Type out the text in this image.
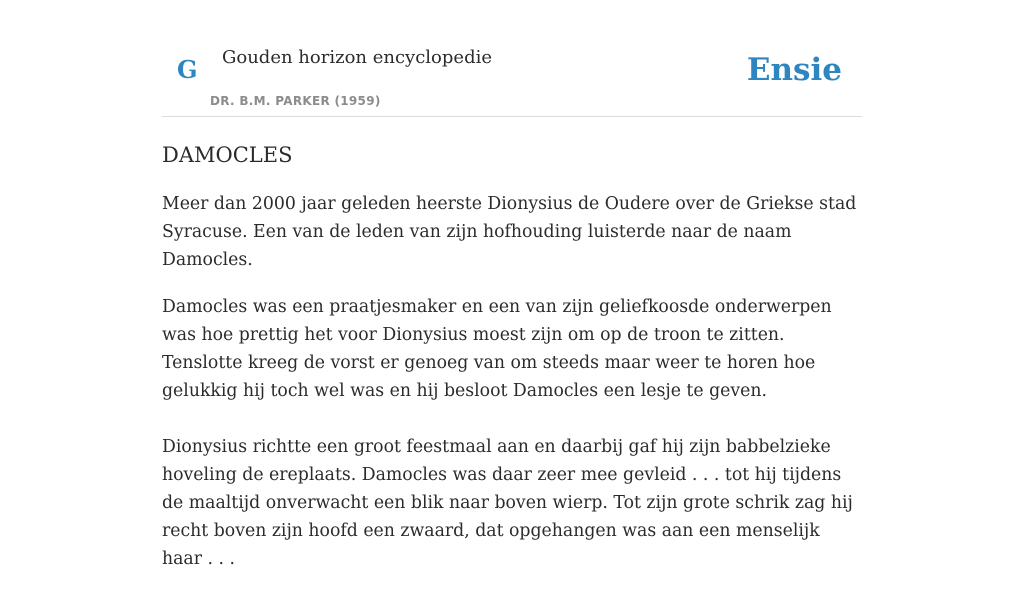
G Gouden horizon encyclopedie
DR. B.M. PARKER (1959)
Ensie
DAMOCLES

Meer dan 2000 jaar geleden heerste Dionysius de Oudere over de Griekse stad Syracuse. Een van de leden van zijn hofhouding luisterde naar de naam Damocles.

Damocles was een praatjesmaker en een van zijn geliefkoosde onderwerpen was hoe prettig het voor Dionysius moest zijn om op de troon te zitten. Tenslotte kreeg de vorst er genoeg van om steeds maar weer te horen hoe gelukkig hij toch wel was en hij besloot Damocles een lesje te geven.

Dionysius richtte een groot feestmaal aan en daarbij gaf hij zijn babbelzieke hoveling de ereplaats. Damocles was daar zeer mee gevleid . . . tot hij tijdens de maaltijd onverwacht een blik naar boven wierp. Tot zijn grote schrik zag hij recht boven zijn hoofd een zwaard, dat opgehangen was aan een menselijk haar . . .
